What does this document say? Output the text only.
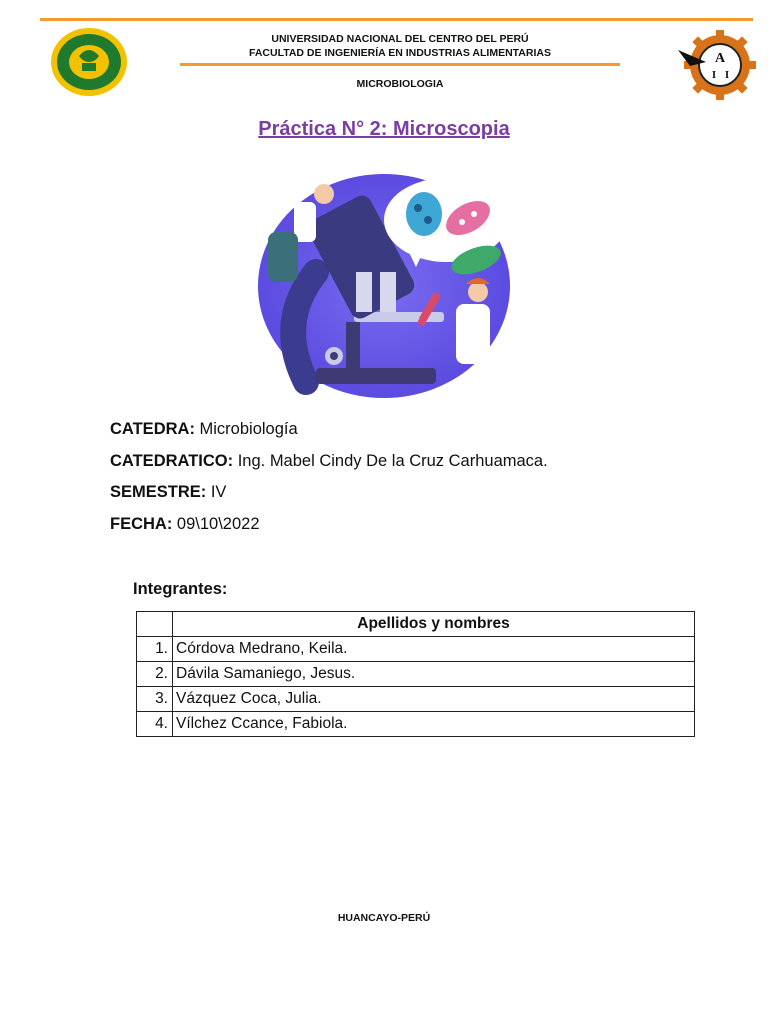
UNIVERSIDAD NACIONAL DEL CENTRO DEL PERÚ
FACULTAD DE INGENIERÍA EN INDUSTRIAS ALIMENTARIAS
MICROBIOLOGIA
A
I I
Práctica N° 2: Microscopia
CATEDRA: Microbiología
CATEDRATICO: Ing. Mabel Cindy De la Cruz Carhuamaca.
SEMESTRE: IV
FECHA: 09\10\2022
Integrantes:
	Apellidos y nombres
1.	Córdova Medrano, Keila.
2.	Dávila Samaniego, Jesus.
3.	Vázquez Coca, Julia.
4.	Vílchez Ccance, Fabiola.
HUANCAYO-PERÚ
